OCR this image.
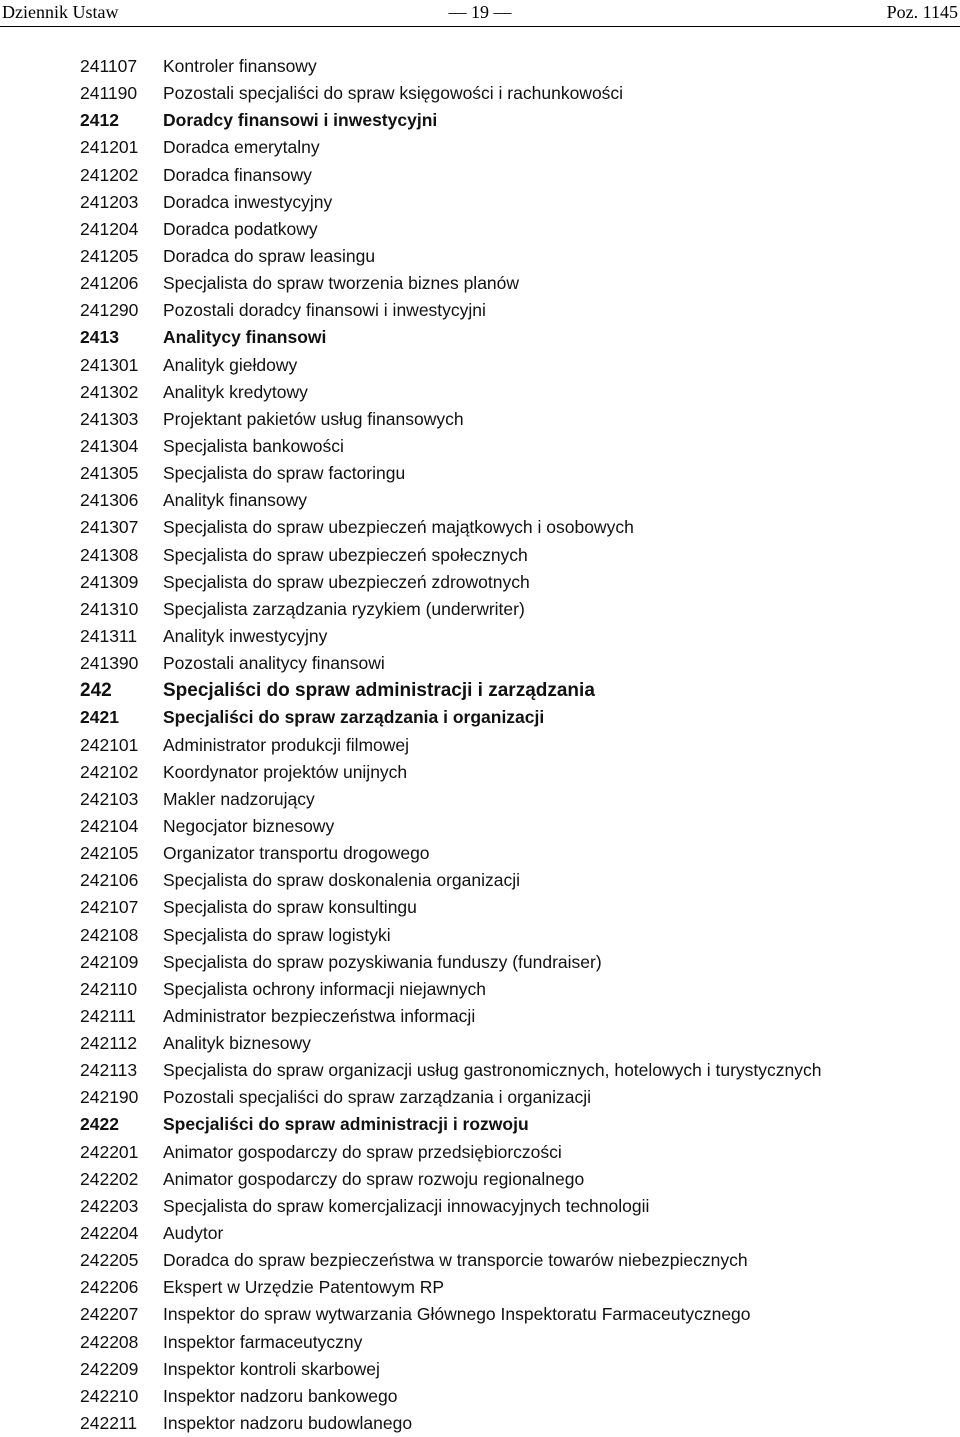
Dziennik Ustaw	— 19 —	Poz. 1145
241107 Kontroler finansowy
241190 Pozostali specjaliści do spraw księgowości i rachunkowości
2412	Doradcy finansowi i inwestycyjni
241201 Doradca emerytalny
241202 Doradca finansowy
241203 Doradca inwestycyjny
241204 Doradca podatkowy
241205 Doradca do spraw leasingu
241206 Specjalista do spraw tworzenia biznes planów
241290 Pozostali doradcy finansowi i inwestycyjni
2413	Analitycy finansowi
241301 Analityk giełdowy
241302 Analityk kredytowy
241303 Projektant pakietów usług finansowych
241304 Specjalista bankowości
241305 Specjalista do spraw factoringu
241306 Analityk finansowy
241307 Specjalista do spraw ubezpieczeń majątkowych i osobowych
241308 Specjalista do spraw ubezpieczeń społecznych
241309 Specjalista do spraw ubezpieczeń zdrowotnych
241310 Specjalista zarządzania ryzykiem (underwriter)
241311 Analityk inwestycyjny
241390 Pozostali analitycy finansowi
242	Specjaliści do spraw administracji i zarządzania
2421	Specjaliści do spraw zarządzania i organizacji
242101 Administrator produkcji filmowej
242102 Koordynator projektów unijnych
242103 Makler nadzorujący
242104 Negocjator biznesowy
242105 Organizator transportu drogowego
242106 Specjalista do spraw doskonalenia organizacji
242107 Specjalista do spraw konsultingu
242108 Specjalista do spraw logistyki
242109 Specjalista do spraw pozyskiwania funduszy (fundraiser)
242110 Specjalista ochrony informacji niejawnych
242111 Administrator bezpieczeństwa informacji
242112 Analityk biznesowy
242113 Specjalista do spraw organizacji usług gastronomicznych, hotelowych i turystycznych
242190 Pozostali specjaliści do spraw zarządzania i organizacji
2422	Specjaliści do spraw administracji i rozwoju
242201 Animator gospodarczy do spraw przedsiębiorczości
242202 Animator gospodarczy do spraw rozwoju regionalnego
242203 Specjalista do spraw komercjalizacji innowacyjnych technologii
242204 Audytor
242205 Doradca do spraw bezpieczeństwa w transporcie towarów niebezpiecznych
242206 Ekspert w Urzędzie Patentowym RP
242207 Inspektor do spraw wytwarzania Głównego Inspektoratu Farmaceutycznego
242208 Inspektor farmaceutyczny
242209 Inspektor kontroli skarbowej
242210 Inspektor nadzoru bankowego
242211 Inspektor nadzoru budowlanego
